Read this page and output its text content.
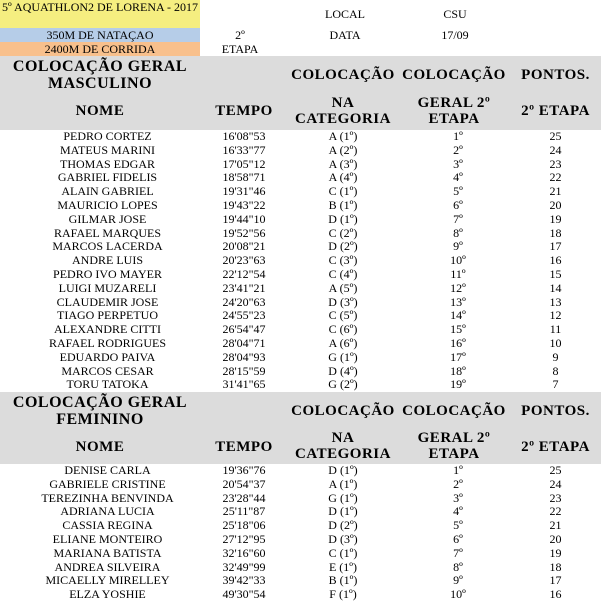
5º AQUATHLON2 DE LORENA - 2017
350M DE NATAÇAO
2400M DE CORRIDA
2º
ETAPA
LOCAL	CSU
DATA	17/09
COLOCAÇÃO GERAL MASCULINO	COLOCAÇÃO COLOCAÇÃO	PONTOS.
NOME	TEMPO	NA CATEGORIA
GERAL 2º ETAPA	2º ETAPA
PEDRO CORTEZ	16'08"53	A (1º)	1º	25
MATEUS MARINI	16'33"77	A (2º)	2º	24
THOMAS EDGAR	17'05"12	A (3º)	3º	23
GABRIEL FIDELIS	18'58"71	A (4º)	4º	22
ALAIN GABRIEL	19'31"46	C (1º)	5º	21
MAURICIO LOPES	19'43"22	B (1º)	6º	20
GILMAR JOSE	19'44"10	D (1º)	7º	19
RAFAEL MARQUES	19'52"56	C (2º)	8º	18
MARCOS LACERDA	20'08"21	D (2º)	9º	17
ANDRE LUIS	20'23"63	C (3º)	10º	16
PEDRO IVO MAYER	22'12"54	C (4º)	11º	15
LUIGI MUZARELI	23'41"21	A (5º)	12º	14
CLAUDEMIR JOSE	24'20"63	D (3º)	13º	13
TIAGO PERPETUO	24'55"23	C (5º)	14º	12
ALEXANDRE CITTI	26'54"47	C (6º)	15º	11
RAFAEL RODRIGUES	28'04"71	A (6º)	16º	10
EDUARDO PAIVA	28'04"93	G (1º)	17º	9
MARCOS CESAR	28'15"59	D (4º)	18º	8
TORU TATOKA	31'41"65	G (2º)	19º	7
COLOCAÇÃO GERAL FEMININO	COLOCAÇÃO COLOCAÇÃO	PONTOS.
NOME	TEMPO
NA CATEGORIA
GERAL 2º ETAPA	2º ETAPA
DENISE CARLA	19'36"76	D (1º)	1º	25
GABRIELE CRISTINE	20'54"37	A (1º)	2º	24
TEREZINHA BENVINDA	23'28"44	G (1º)	3º	23
ADRIANA LUCIA	25'11"87	D (1º)	4º	22
CASSIA REGINA	25'18"06	D (2º)	5º	21
ELIANE MONTEIRO	27'12"95	D (3º)	6º	20
MARIANA BATISTA	32'16"60	C (1º)	7º	19
ANDREA SILVEIRA	32'49"99	E (1º)	8º	18
MICAELLY MIRELLEY	39'42"33	B (1º)	9º	17
ELZA YOSHIE	49'30"54	F (1º)	10º	16
